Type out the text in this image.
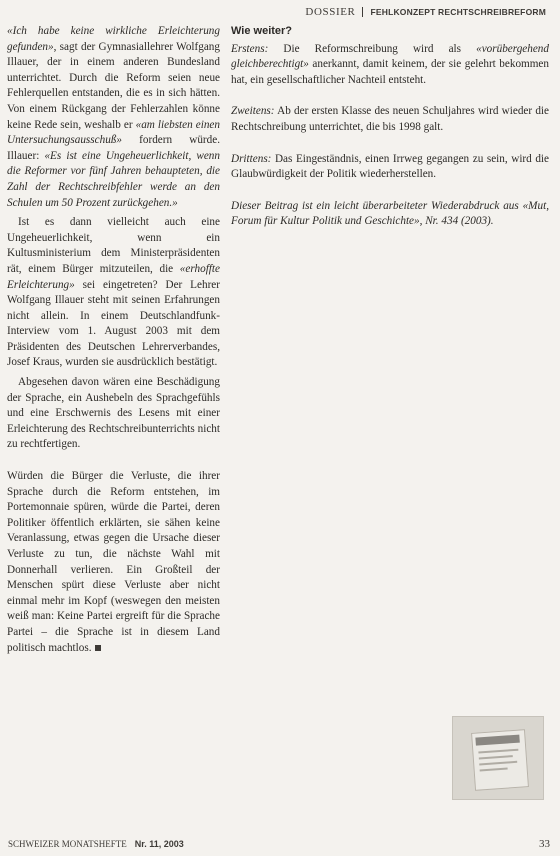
DOSSIER FEHLKONZEPT RECHTSCHREIBREFORM

«Ich habe keine wirkliche Erleichterung gefunden», sagt der Gymnasiallehrer Wolfgang Illauer, der in einem anderen Bundesland unterrichtet. Durch die Reform seien neue Fehlerquellen entstanden, die es in sich hätten. Von einem Rückgang der Fehlerzahlen könne keine Rede sein, weshalb er «am liebsten einen Untersuchungsausschuß» fordern würde. Illauer: «Es ist eine Ungeheuerlichkeit, wenn die Reformer vor fünf Jahren behaupteten, die Zahl der Rechtschreibfehler werde an den Schulen um 50 Prozent zurückgehen.»

Ist es dann vielleicht auch eine Ungeheuerlichkeit, wenn ein Kultusministerium dem Ministerpräsidenten rät, einem Bürger mitzuteilen, die «erhoffte Erleichterung» sei eingetreten? Der Lehrer Wolfgang Illauer steht mit seinen Erfahrungen nicht allein. In einem Deutschlandfunk-Interview vom 1. August 2003 mit dem Präsidenten des Deutschen Lehrerverbandes, Josef Kraus, wurden sie ausdrücklich bestätigt.

Abgesehen davon wären eine Beschädigung der Sprache, ein Aushebeln des Sprachgefühls und eine Erschwernis des Lesens mit einer Erleichterung des Rechtschreibunterrichts nicht zu rechtfertigen.

Würden die Bürger die Verluste, die ihrer Sprache durch die Reform entstehen, im Portemonnaie spüren, würde die Partei, deren Politiker öffentlich erklärten, sie sähen keine Veranlassung, etwas gegen die Ursache dieser Verluste zu tun, die nächste Wahl mit Donnerhall verlieren. Ein Großteil der Menschen spürt diese Verluste aber nicht einmal mehr im Kopf (weswegen den meisten weiß man: Keine Partei ergreift für die Sprache Partei – die Sprache ist in diesem Land politisch machtlos.

Wie weiter?

Erstens: Die Reformschreibung wird als «vorübergehend gleichberechtigt» anerkannt, damit keinem, der sie gelehrt bekommen hat, ein gesellschaftlicher Nachteil entsteht.

Zweitens: Ab der ersten Klasse des neuen Schuljahres wird wieder die Rechtschreibung unterrichtet, die bis 1998 galt.

Drittens: Das Eingeständnis, einen Irrweg gegangen zu sein, wird die Glaubwürdigkeit der Politik wiederherstellen.

Dieser Beitrag ist ein leicht überarbeiteter Wiederabdruck aus «Mut, Forum für Kultur Politik und Geschichte», Nr. 434 (2003).

SCHWEIZER MONATSHEFTE Nr. 11, 2003	33
